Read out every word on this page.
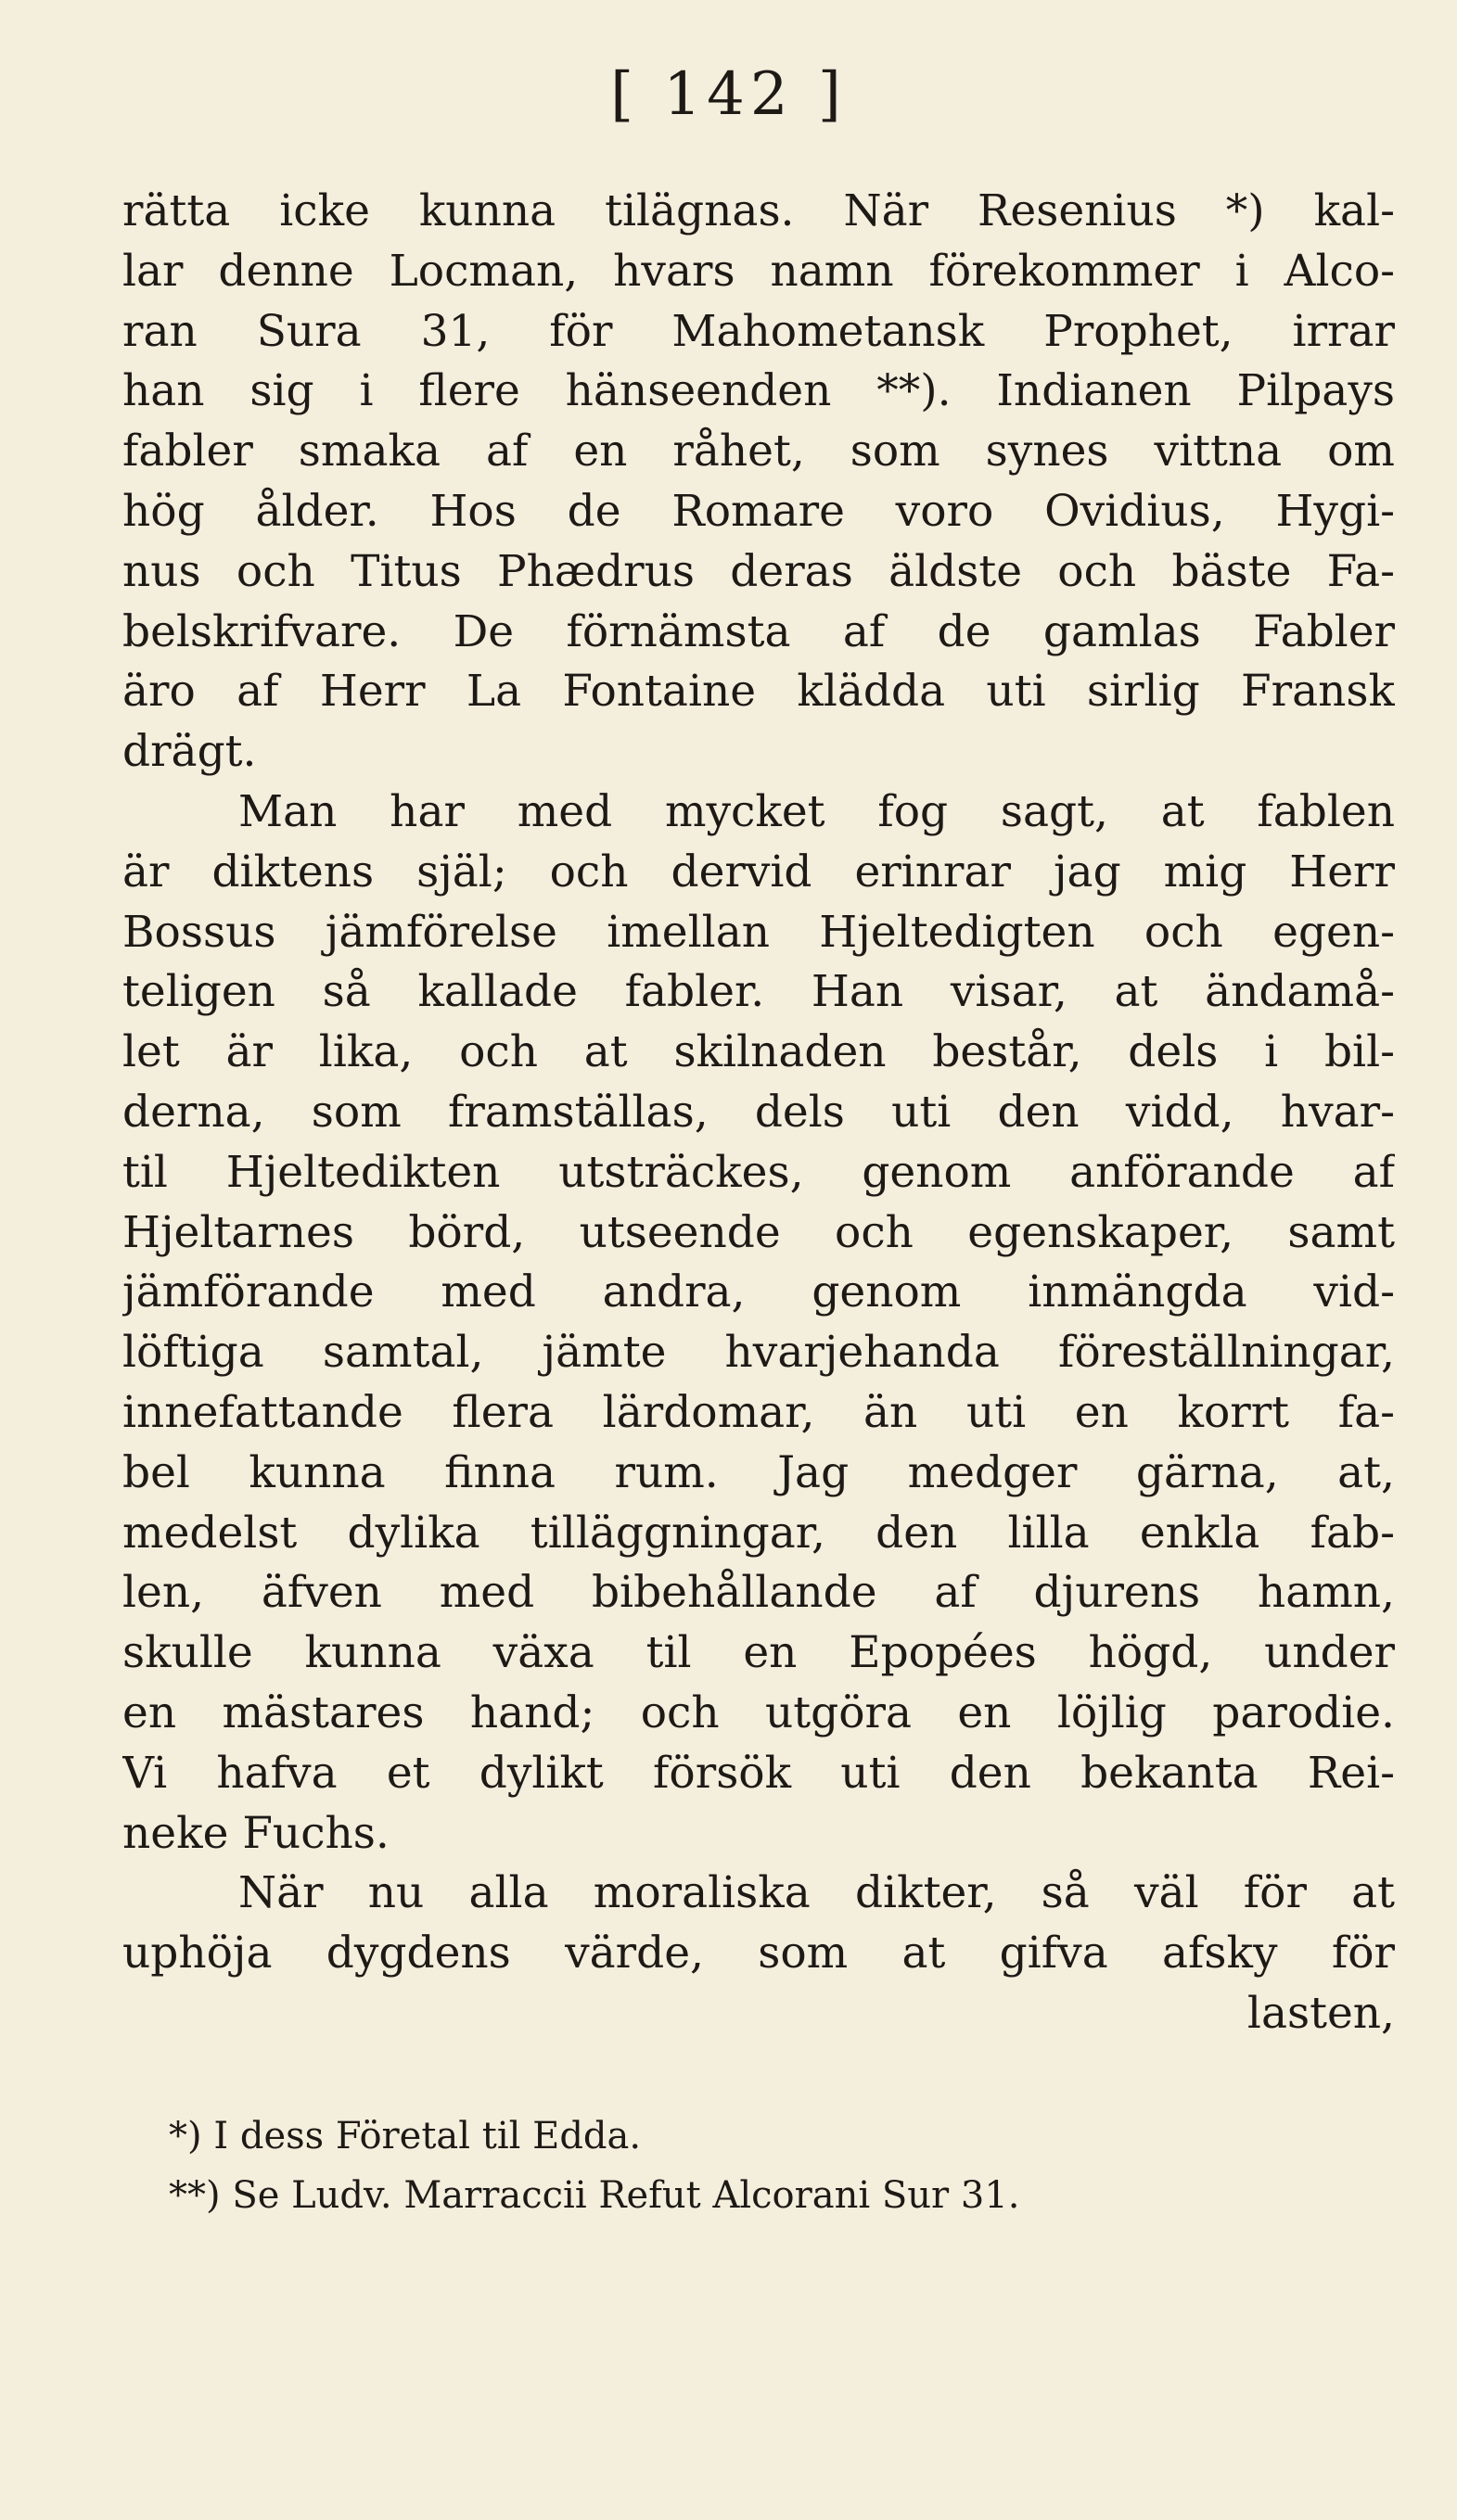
[ 142 ]
rätta icke kunna tilägnas. När Resenius *) kal-
lar denne Locman, hvars namn förekommer i Alco-
ran Sura 31, för Mahometansk Prophet, irrar
han sig i flere hänseenden **). Indianen Pilpays
fabler smaka af en råhet, som synes vittna om
hög ålder. Hos de Romare voro Ovidius, Hygi-
nus och Titus Phædrus deras äldste och bäste Fa-
belskrifvare. De förnämsta af de gamlas Fabler
äro af Herr La Fontaine klädda uti sirlig Fransk
drägt.
Man har med mycket fog sagt, at fablen
är diktens själ; och dervid erinrar jag mig Herr
Bossus jämförelse imellan Hjeltedigten och egen-
teligen så kallade fabler. Han visar, at ändamå-
let är lika, och at skilnaden består, dels i bil-
derna, som framställas, dels uti den vidd, hvar-
til Hjeltedikten utsträckes, genom anförande af
Hjeltarnes börd, utseende och egenskaper, samt
jämförande med andra, genom inmängda vid-
löftiga samtal, jämte hvarjehanda föreställningar,
innefattande flera lärdomar, än uti en korrt fa-
bel kunna finna rum. Jag medger gärna, at,
medelst dylika tilläggningar, den lilla enkla fab-
len, äfven med bibehållande af djurens hamn,
skulle kunna växa til en Epopées högd, under
en mästares hand; och utgöra en löjlig parodie.
Vi hafva et dylikt försök uti den bekanta Rei-
neke Fuchs.
När nu alla moraliska dikter, så väl för at
uphöja dygdens värde, som at gifva afsky för
lasten,
*) I dess Företal til Edda.
**) Se Ludv. Marraccii Refut Alcorani Sur 31.
